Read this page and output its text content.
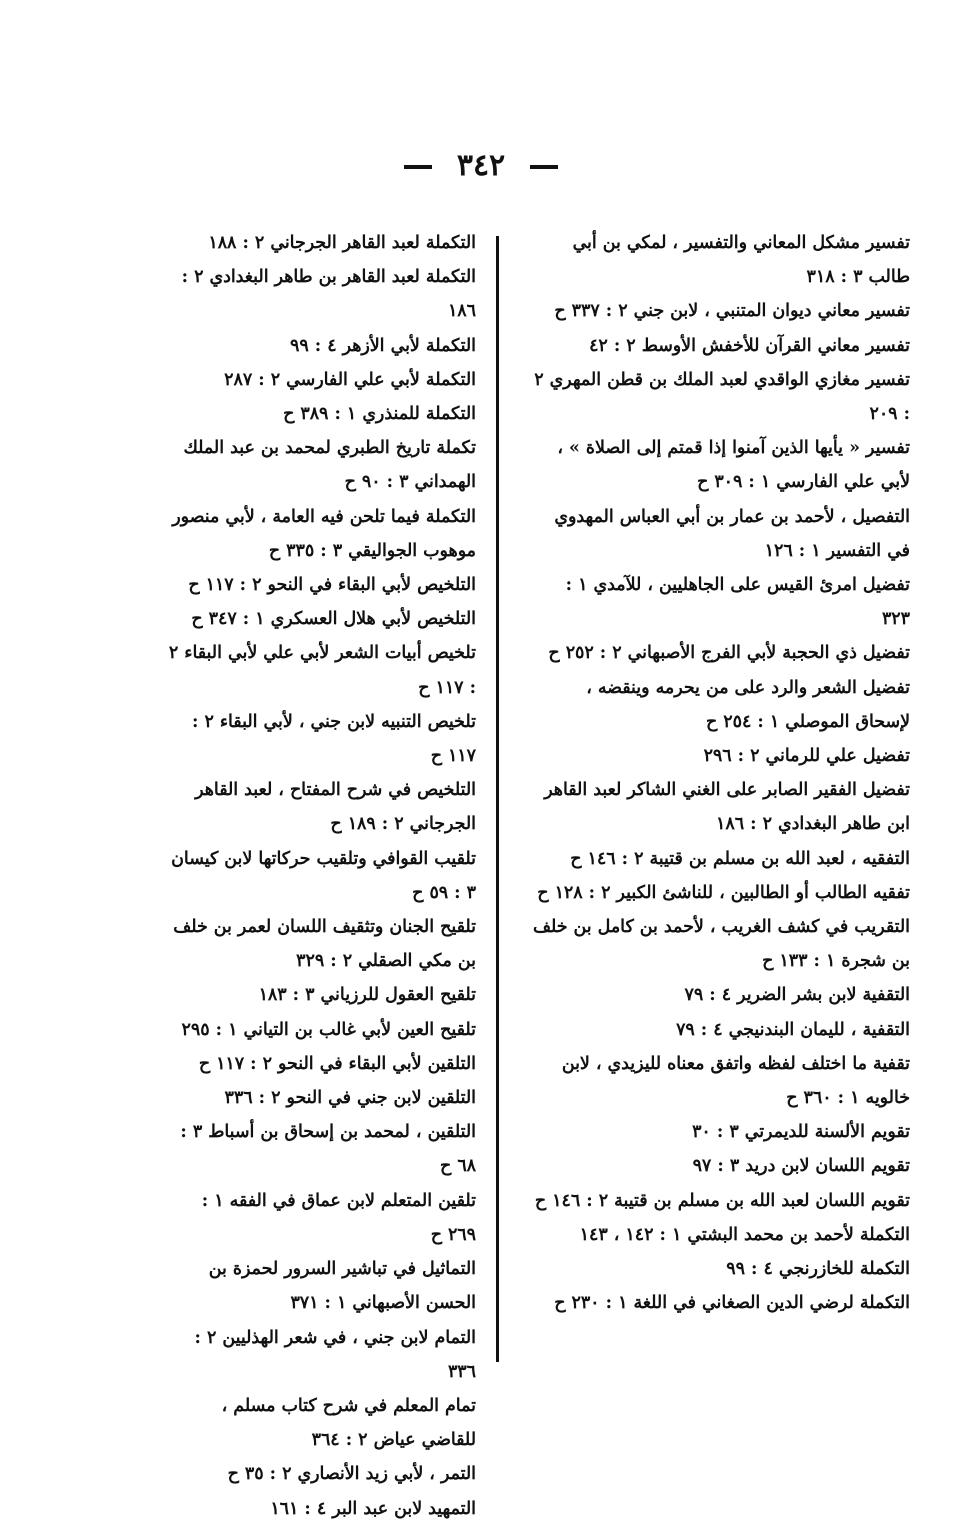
٣٤٢
تفسير مشكل المعاني والتفسير ، لمكي بن أبي طالب ٣ : ٣١٨
تفسير معاني ديوان المتنبي ، لابن جني ٢ : ٣٣٧ ح
تفسير معاني القرآن للأخفش الأوسط ٢ : ٤٢
تفسير مغازي الواقدي لعبد الملك بن قطن المهري ٢ : ٢٠٩
تفسير « يأيها الذين آمنوا إذا قمتم إلى الصلاة » ، لأبي علي الفارسي ١ : ٣٠٩ ح
التفصيل ، لأحمد بن عمار بن أبي العباس المهدوي في التفسير ١ : ١٢٦
تفضيل امرئ القيس على الجاهليين ، للآمدي ١ : ٣٢٣
تفضيل ذي الحجبة لأبي الفرج الأصبهاني ٢ : ٢٥٢ ح
تفضيل الشعر والرد على من يحرمه وينقضه ، لإسحاق الموصلي ١ : ٢٥٤ ح
تفضيل علي للرماني ٢ : ٢٩٦
تفضيل الفقير الصابر على الغني الشاكر لعبد القاهر ابن طاهر البغدادي ٢ : ١٨٦
التفقيه ، لعبد الله بن مسلم بن قتيبة ٢ : ١٤٦ ح
تفقيه الطالب أو الطالبين ، للناشئ الكبير ٢ : ١٢٨ ح
التقريب في كشف الغريب ، لأحمد بن كامل بن خلف بن شجرة ١ : ١٣٣ ح
التقفية لابن بشر الضرير ٤ : ٧٩
التقفية ، لليمان البندنيجي ٤ : ٧٩
تقفية ما اختلف لفظه واتفق معناه لليزيدي ، لابن خالويه ١ : ٣٦٠ ح
تقويم الألسنة للديمرتي ٣ : ٣٠
تقويم اللسان لابن دريد ٣ : ٩٧
تقويم اللسان لعبد الله بن مسلم بن قتيبة ٢ : ١٤٦ ح
التكملة لأحمد بن محمد البشتي ١ : ١٤٢ ، ١٤٣
التكملة للخازرنجي ٤ : ٩٩
التكملة لرضي الدين الصغاني في اللغة ١ : ٢٣٠ ح
التكملة لعبد القاهر الجرجاني ٢ : ١٨٨
التكملة لعبد القاهر بن طاهر البغدادي ٢ : ١٨٦
التكملة لأبي الأزهر ٤ : ٩٩
التكملة لأبي علي الفارسي ٢ : ٢٨٧
التكملة للمنذري ١ : ٣٨٩ ح
تكملة تاريخ الطبري لمحمد بن عبد الملك الهمداني ٣ : ٩٠ ح
التكملة فيما تلحن فيه العامة ، لأبي منصور موهوب الجواليقي ٣ : ٣٣٥ ح
التلخيص لأبي البقاء في النحو ٢ : ١١٧ ح
التلخيص لأبي هلال العسكري ١ : ٣٤٧ ح
تلخيص أبيات الشعر لأبي علي لأبي البقاء ٢ : ١١٧ ح
تلخيص التنبيه لابن جني ، لأبي البقاء ٢ : ١١٧ ح
التلخيص في شرح المفتاح ، لعبد القاهر الجرجاني ٢ : ١٨٩ ح
تلقيب القوافي وتلقيب حركاتها لابن كيسان ٣ : ٥٩ ح
تلقيح الجنان وتثقيف اللسان لعمر بن خلف بن مكي الصقلي ٢ : ٣٢٩
تلقيح العقول للرزياني ٣ : ١٨٣
تلقيح العين لأبي غالب بن التياني ١ : ٢٩٥
التلقين لأبي البقاء في النحو ٢ : ١١٧ ح
التلقين لابن جني في النحو ٢ : ٣٣٦
التلقين ، لمحمد بن إسحاق بن أسباط ٣ : ٦٨ ح
تلقين المتعلم لابن عماق في الفقه ١ : ٢٦٩ ح
التماثيل في تباشير السرور لحمزة بن الحسن الأصبهاني ١ : ٣٧١
التمام لابن جني ، في شعر الهذليين ٢ : ٣٣٦
تمام المعلم في شرح كتاب مسلم ، للقاضي عياض ٢ : ٣٦٤
التمر ، لأبي زيد الأنصاري ٢ : ٣٥ ح
التمهيد لابن عبد البر ٤ : ١٦١
